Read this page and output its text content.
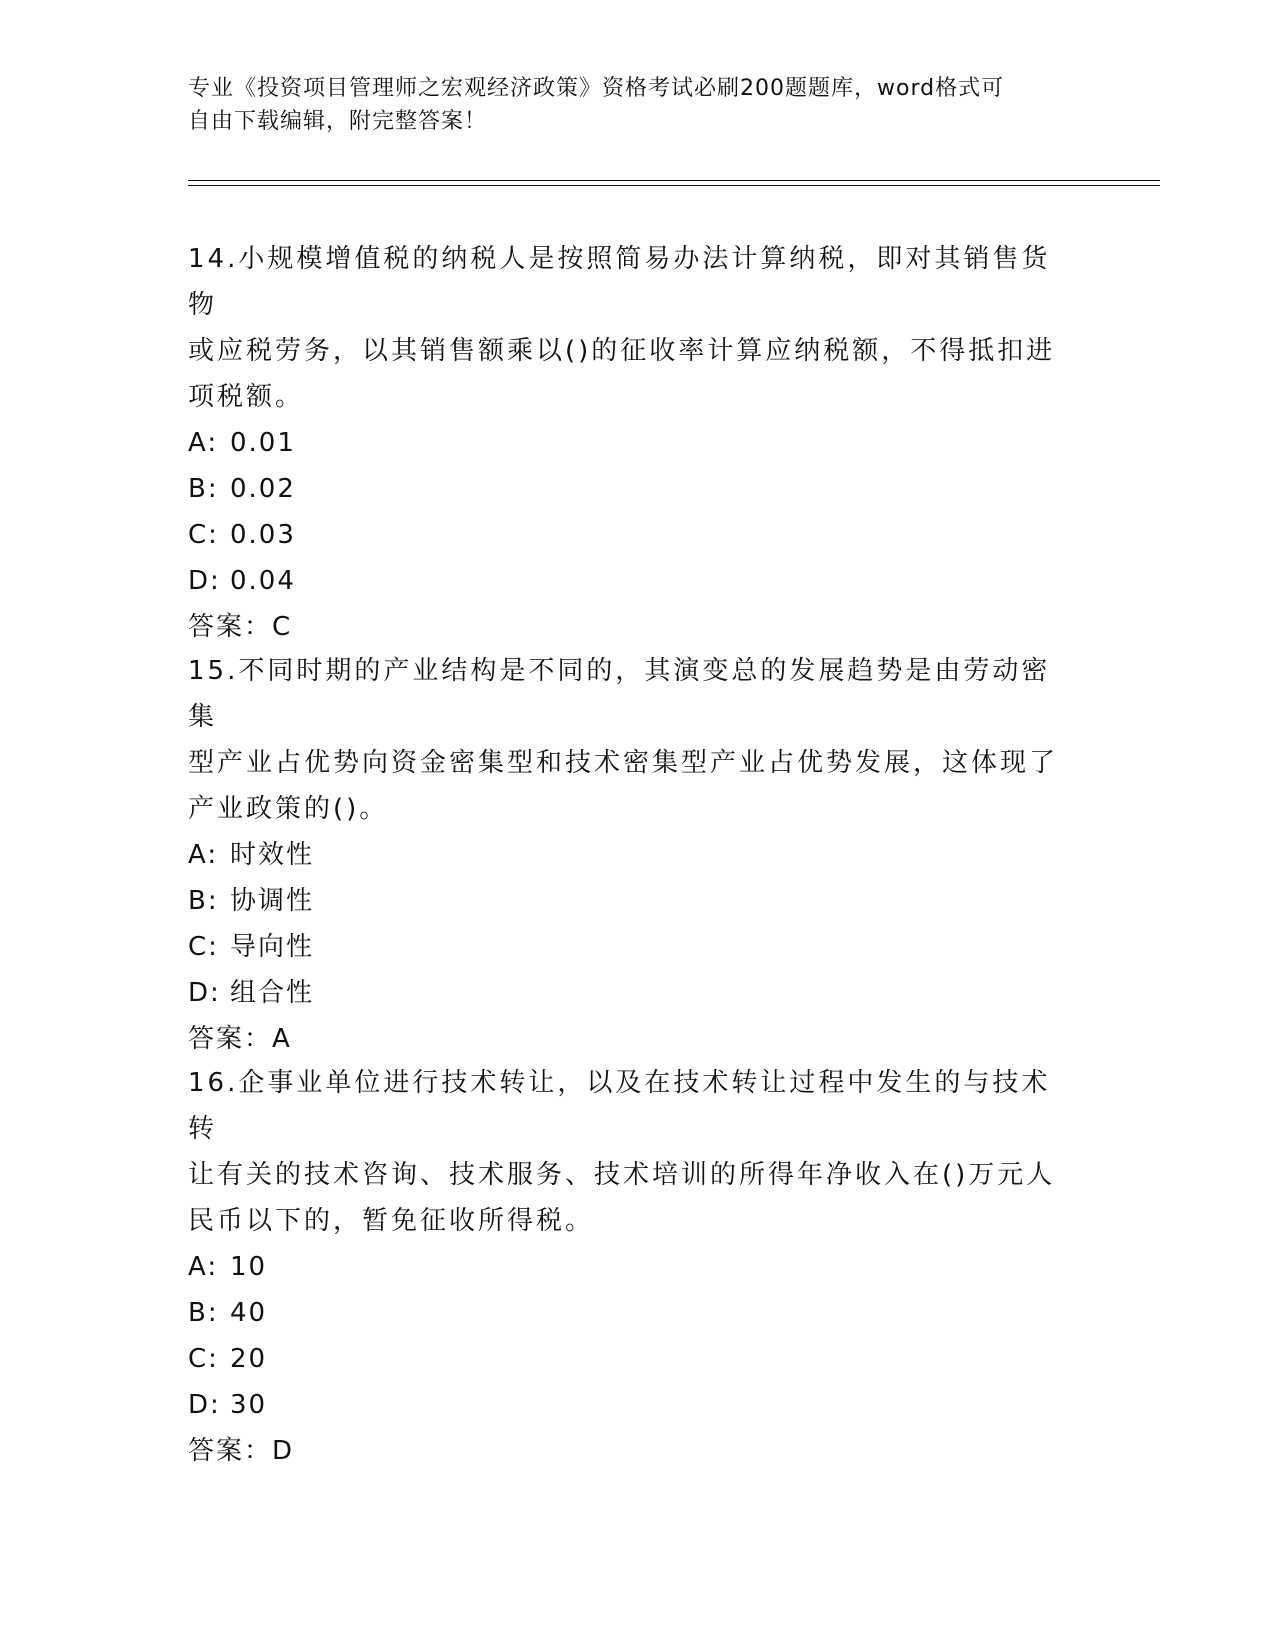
专业《投资项目管理师之宏观经济政策》资格考试必刷200题题库，word格式可
自由下载编辑，附完整答案！
14.小规模增值税的纳税人是按照简易办法计算纳税，即对其销售货物
或应税劳务，以其销售额乘以()的征收率计算应纳税额，不得抵扣进
项税额。
A: 0.01
B: 0.02
C: 0.03
D: 0.04
答案：C
15.不同时期的产业结构是不同的，其演变总的发展趋势是由劳动密集
型产业占优势向资金密集型和技术密集型产业占优势发展，这体现了
产业政策的()。
A: 时效性
B: 协调性
C: 导向性
D: 组合性
答案：A
16.企事业单位进行技术转让，以及在技术转让过程中发生的与技术转
让有关的技术咨询、技术服务、技术培训的所得年净收入在()万元人
民币以下的，暂免征收所得税。
A: 10
B: 40
C: 20
D: 30
答案：D
